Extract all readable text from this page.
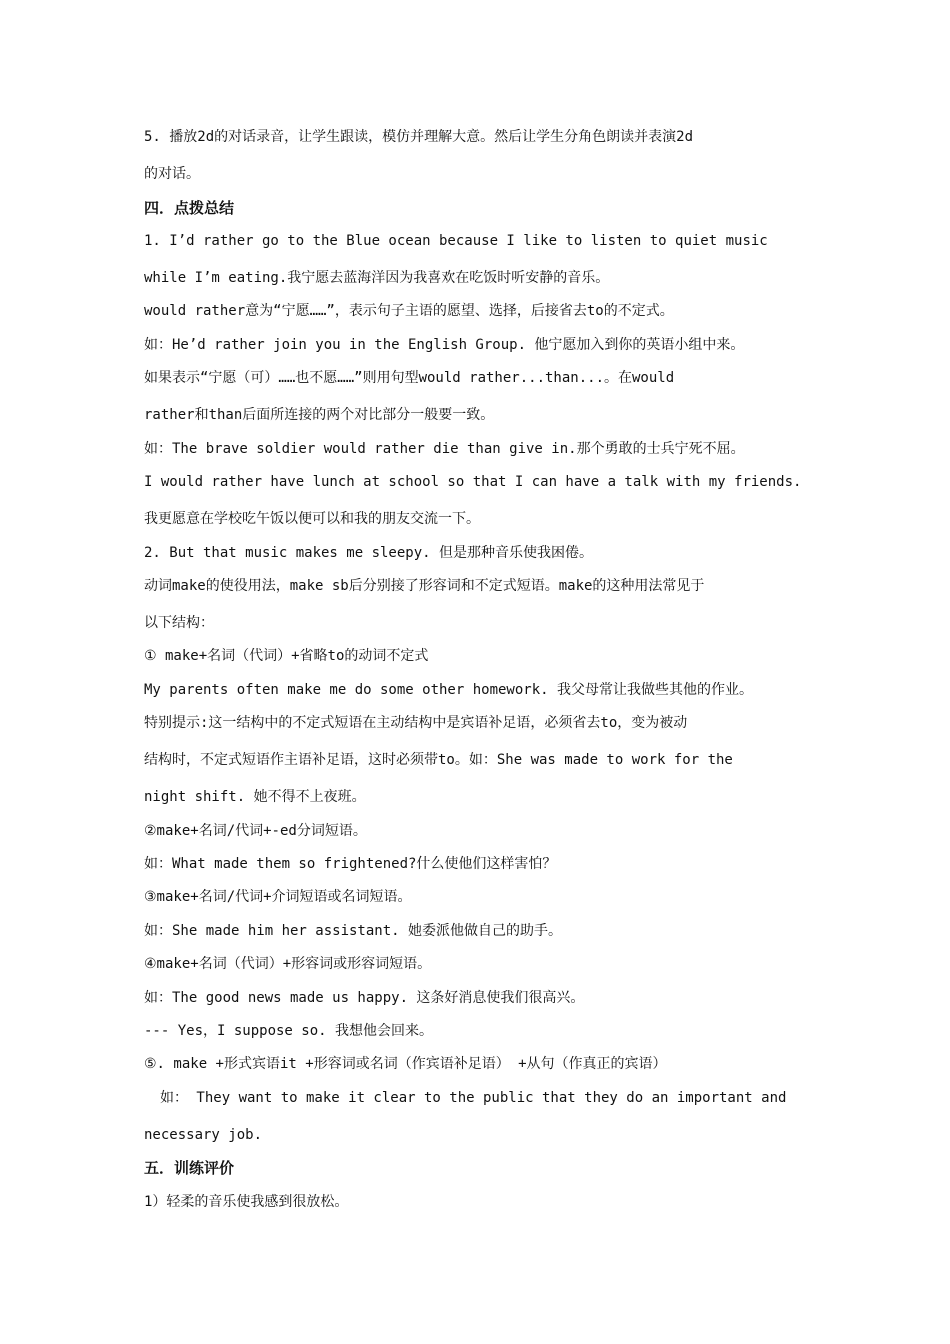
5. 播放2d的对话录音，让学生跟读，模仿并理解大意。然后让学生分角色朗读并表演2d
的对话。
四．点拨总结
1. I’d rather go to the Blue ocean because I like to listen to quiet music
while I’m eating.我宁愿去蓝海洋因为我喜欢在吃饭时听安静的音乐。
would rather意为“宁愿……”，表示句子主语的愿望、选择，后接省去to的不定式。
如：He’d rather join you in the English Group. 他宁愿加入到你的英语小组中来。
如果表示“宁愿（可）……也不愿……”则用句型would rather...than...。在would
rather和than后面所连接的两个对比部分一般要一致。
如：The brave soldier would rather die than give in.那个勇敢的士兵宁死不屈。
I would rather have lunch at school so that I can have a talk with my friends.
我更愿意在学校吃午饭以便可以和我的朋友交流一下。
2. But that music makes me sleepy. 但是那种音乐使我困倦。
动词make的使役用法，make sb后分别接了形容词和不定式短语。make的这种用法常见于
以下结构：
① make+名词（代词）+省略to的动词不定式
My parents often make me do some other homework. 我父母常让我做些其他的作业。
特别提示:这一结构中的不定式短语在主动结构中是宾语补足语，必须省去to，变为被动
结构时，不定式短语作主语补足语，这时必须带to。如：She was made to work for the
night shift. 她不得不上夜班。
②make+名词/代词+-ed分词短语。
如：What made them so frightened?什么使他们这样害怕？
③make+名词/代词+介词短语或名词短语。
如：She made him her assistant. 她委派他做自己的助手。
④make+名词（代词）+形容词或形容词短语。
如：The good news made us happy. 这条好消息使我们很高兴。
--- Yes，I suppose so. 我想他会回来。
⑤. make +形式宾语it +形容词或名词（作宾语补足语） +从句（作真正的宾语）
如： They want to make it clear to the public that they do an important and
necessary job.
五．训练评价
1）轻柔的音乐使我感到很放松。
